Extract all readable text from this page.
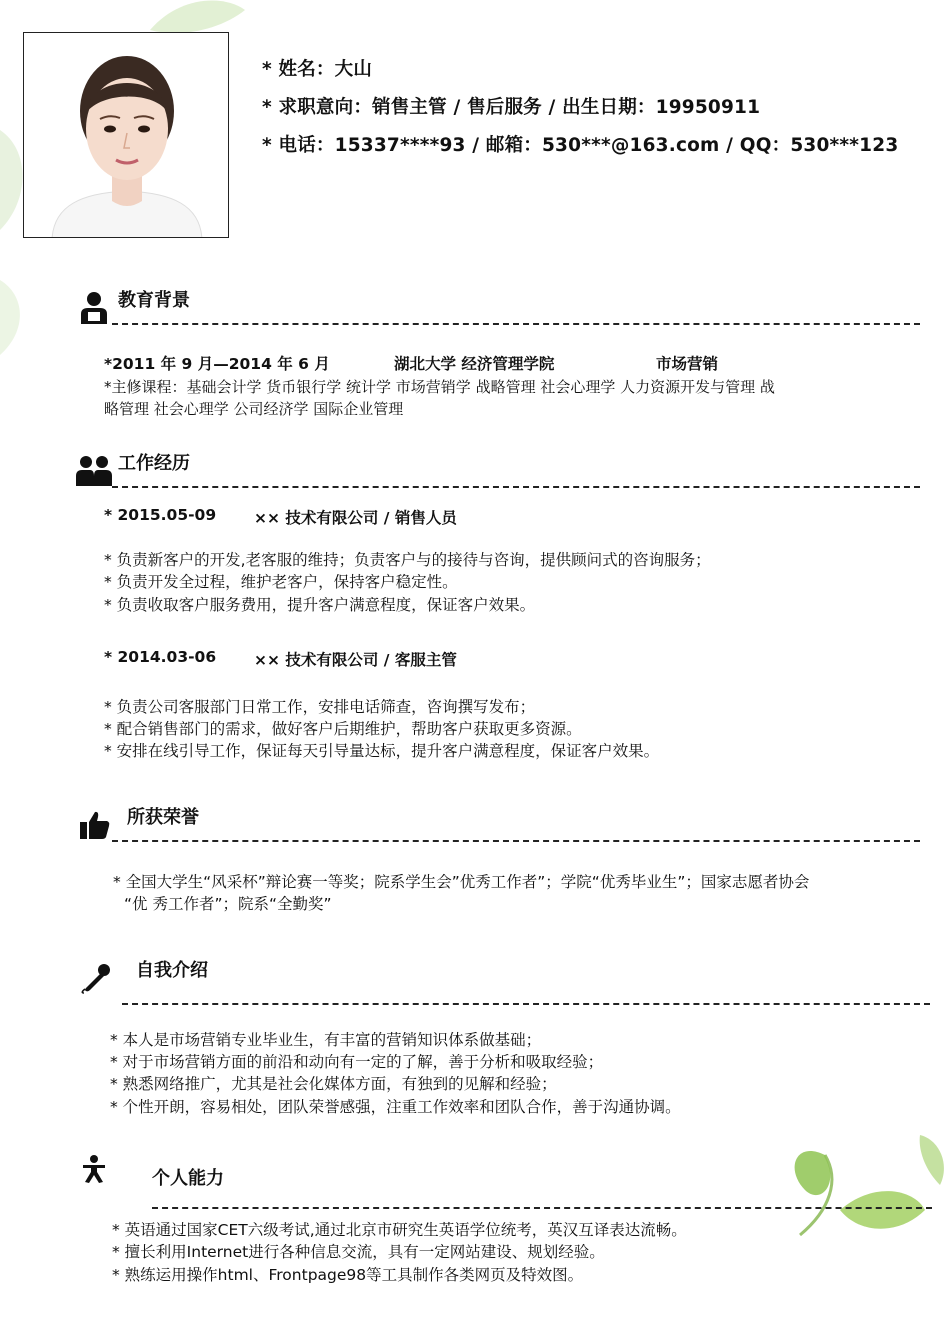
* 姓名：大山
* 求职意向：销售主管 / 售后服务 / 出生日期：19950911
* 电话：15337****93 / 邮箱：530***@163.com / QQ：530***123
教育背景
*2011 年 9 月—2014 年 6 月	湖北大学 经济管理学院	市场营销
*主修课程：基础会计学 货币银行学 统计学 市场营销学 战略管理 社会心理学 人力资源开发与管理 战
略管理 社会心理学 公司经济学 国际企业管理
工作经历
* 2015.05-09 ×× 技术有限公司 / 销售人员
* 负责新客户的开发,老客服的维持；负责客户与的接待与咨询，提供顾问式的咨询服务；
* 负责开发全过程，维护老客户，保持客户稳定性。
* 负责收取客户服务费用，提升客户满意程度，保证客户效果。
* 2014.03-06 ×× 技术有限公司 / 客服主管
* 负责公司客服部门日常工作，安排电话筛查，咨询撰写发布；
* 配合销售部门的需求，做好客户后期维护，帮助客户获取更多资源。
* 安排在线引导工作，保证每天引导量达标，提升客户满意程度，保证客户效果。
所获荣誉
* 全国大学生“风采杯”辩论赛一等奖；院系学生会”优秀工作者”；学院“优秀毕业生”；国家志愿者协会
“优 秀工作者”；院系“全勤奖”
自我介绍
* 本人是市场营销专业毕业生，有丰富的营销知识体系做基础；
* 对于市场营销方面的前沿和动向有一定的了解，善于分析和吸取经验；
* 熟悉网络推广，尤其是社会化媒体方面，有独到的见解和经验；
* 个性开朗，容易相处，团队荣誉感强，注重工作效率和团队合作，善于沟通协调。
个人能力
* 英语通过国家CET六级考试,通过北京市研究生英语学位统考，英汉互译表达流畅。
* 擅长利用Internet进行各种信息交流，具有一定网站建设、规划经验。
* 熟练运用操作html、Frontpage98等工具制作各类网页及特效图。
